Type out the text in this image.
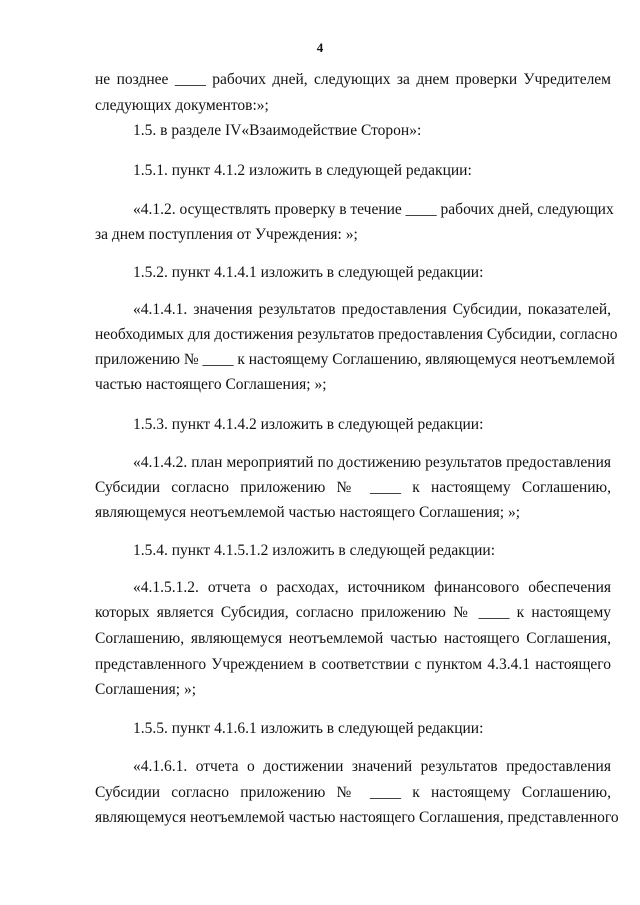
4
не позднее ____ рабочих дней, следующих за днем проверки Учредителем
следующих документов:»;
1.5. в разделе IV«Взаимодействие Сторон»:
1.5.1. пункт 4.1.2 изложить в следующей редакции:
«4.1.2. осуществлять проверку в течение ____ рабочих дней, следующих
за днем поступления от Учреждения: »;
1.5.2. пункт 4.1.4.1 изложить в следующей редакции:
«4.1.4.1. значения результатов предоставления Субсидии, показателей,
необходимых для достижения результатов предоставления Субсидии, согласно
приложению № ____ к настоящему Соглашению, являющемуся неотъемлемой
частью настоящего Соглашения; »;
1.5.3. пункт 4.1.4.2 изложить в следующей редакции:
«4.1.4.2. план мероприятий по достижению результатов предоставления
Субсидии согласно приложению № ____ к настоящему Соглашению,
являющемуся неотъемлемой частью настоящего Соглашения; »;
1.5.4. пункт 4.1.5.1.2 изложить в следующей редакции:
«4.1.5.1.2. отчета о расходах, источником финансового обеспечения
которых является Субсидия, согласно приложению № ____ к настоящему
Соглашению, являющемуся неотъемлемой частью настоящего Соглашения,
представленного Учреждением в соответствии с пунктом 4.3.4.1 настоящего
Соглашения; »;
1.5.5. пункт 4.1.6.1 изложить в следующей редакции:
«4.1.6.1. отчета о достижении значений результатов предоставления
Субсидии согласно приложению № ____ к настоящему Соглашению,
являющемуся неотъемлемой частью настоящего Соглашения, представленного
